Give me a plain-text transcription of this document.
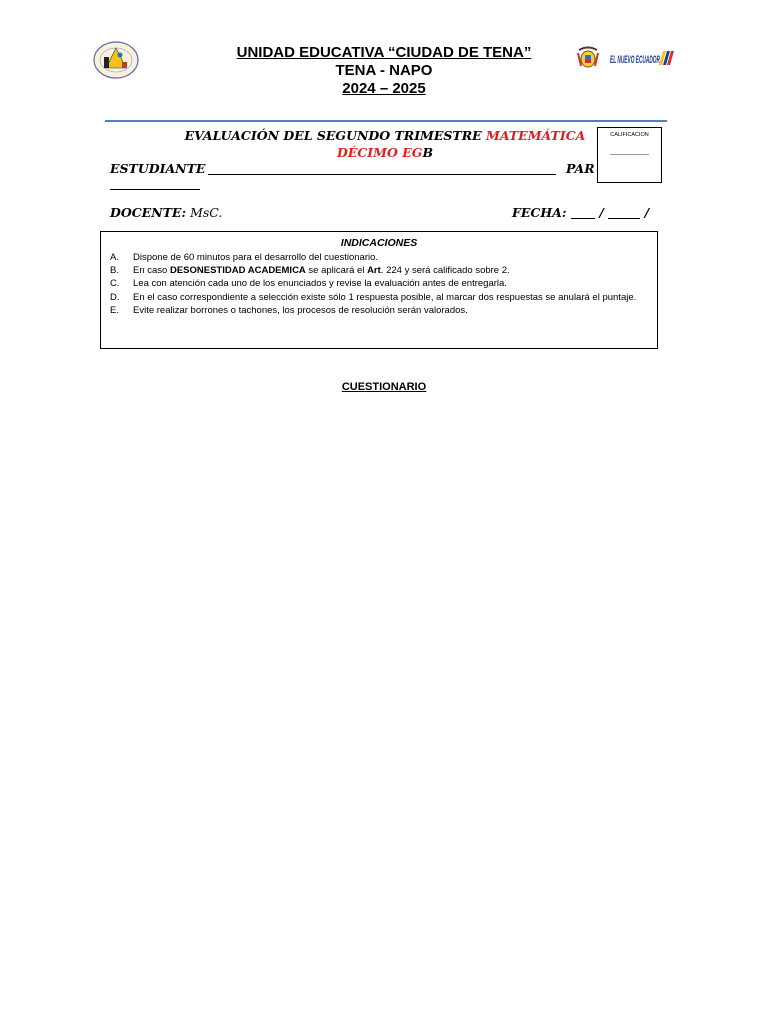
UNIDAD EDUCATIVA “CIUDAD DE TENA”
TENA - NAPO
2024 – 2025
EL NUEVO ECUADOR
EVALUACIÓN DEL SEGUNDO TRIMESTRE MATEMÁTICA
DÉCIMO EGB
ESTUDIANTE	PAR
CALIFICACION
DOCENTE: MsC.	FECHA:	/	/
INDICACIONES
A. Dispone de 60 minutos para el desarrollo del cuestionario.
B. En caso DESONESTIDAD ACADEMICA se aplicará el Art. 224 y será calificado sobre 2.
C. Lea con atención cada uno de los enunciados y revise la evaluación antes de entregarla.
D. En el caso correspondiente a selección existe sólo 1 respuesta posible, al marcar dos respuestas se anulará el puntaje.
E. Evite realizar borrones o tachones, los procesos de resolución serán valorados.
CUESTIONARIO
